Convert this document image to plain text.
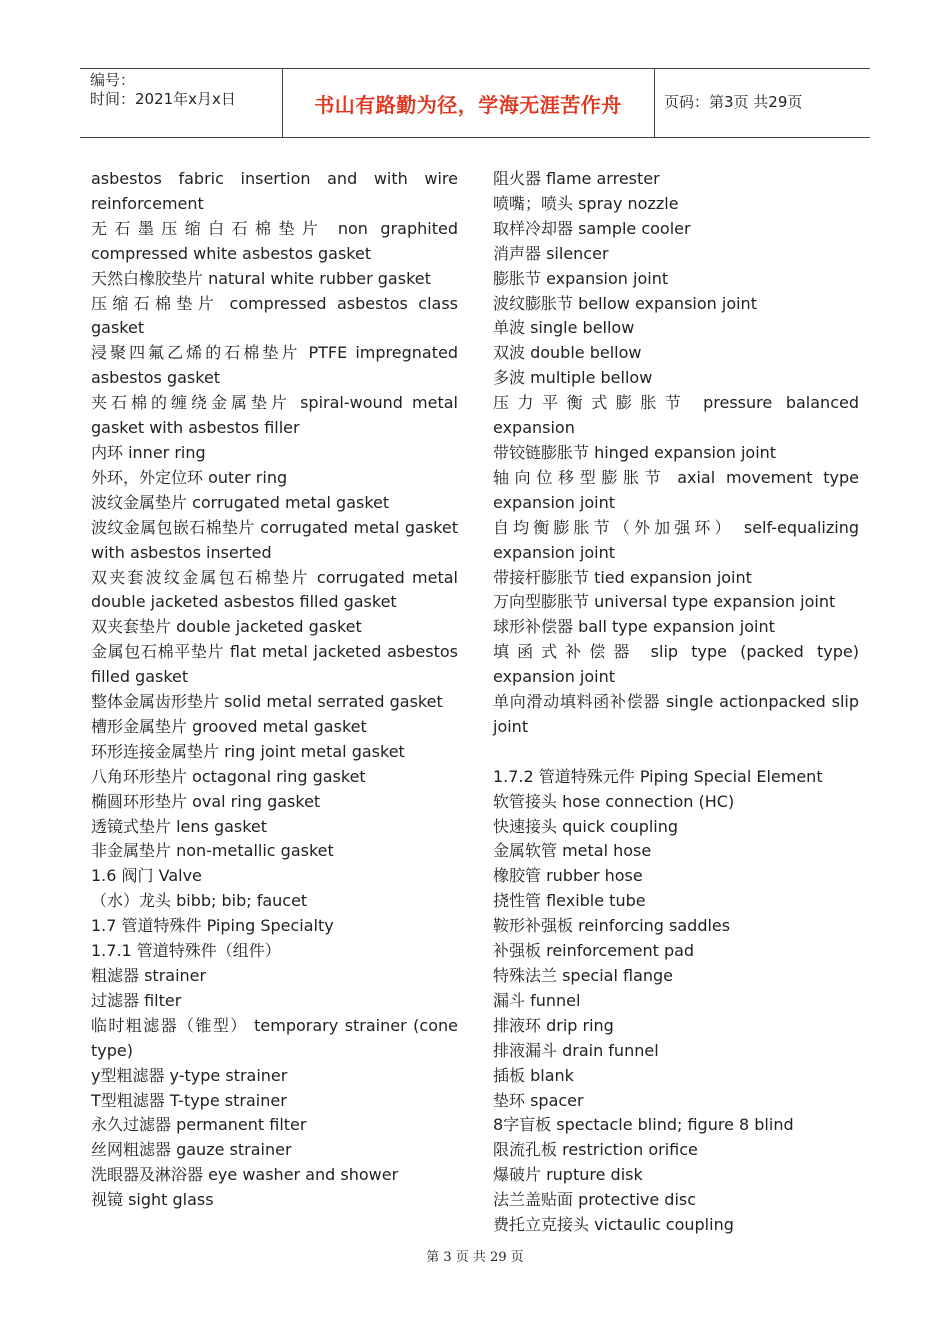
编号：
时间：2021年x月x日	书山有路勤为径，学海无涯苦作舟	页码：第3页 共29页
asbestos fabric insertion and with wire reinforcement
无石墨压缩白石棉垫片 non graphited compressed white asbestos gasket
天然白橡胶垫片 natural white rubber gasket
压缩石棉垫片 compressed asbestos class gasket
浸聚四氟乙烯的石棉垫片 PTFE impregnated asbestos gasket
夹石棉的缠绕金属垫片 spiral-wound metal gasket with asbestos filler
内环 inner ring
外环，外定位环 outer ring
波纹金属垫片 corrugated metal gasket
波纹金属包嵌石棉垫片 corrugated metal gasket with asbestos inserted
双夹套波纹金属包石棉垫片 corrugated metal double jacketed asbestos filled gasket
双夹套垫片 double jacketed gasket
金属包石棉平垫片 flat metal jacketed asbestos filled gasket
整体金属齿形垫片 solid metal serrated gasket
槽形金属垫片 grooved metal gasket
环形连接金属垫片 ring joint metal gasket
八角环形垫片 octagonal ring gasket
椭圆环形垫片 oval ring gasket
透镜式垫片 lens gasket
非金属垫片 non-metallic gasket
1.6 阀门 Valve
（水）龙头 bibb; bib; faucet
1.7 管道特殊件 Piping Specialty
1.7.1 管道特殊件（组件）
粗滤器 strainer
过滤器 filter
临时粗滤器（锥型） temporary strainer (cone type)
y型粗滤器 y-type strainer
T型粗滤器 T-type strainer
永久过滤器 permanent filter
丝网粗滤器 gauze strainer
洗眼器及淋浴器 eye washer and shower
视镜 sight glass
阻火器 flame arrester
喷嘴；喷头 spray nozzle
取样冷却器 sample cooler
消声器 silencer
膨胀节 expansion joint
波纹膨胀节 bellow expansion joint
单波 single bellow
双波 double bellow
多波 multiple bellow
压力平衡式膨胀节 pressure balanced expansion
带铰链膨胀节 hinged expansion joint
轴向位移型膨胀节 axial movement type expansion joint
自均衡膨胀节（外加强环） self-equalizing expansion joint
带接杆膨胀节 tied expansion joint
万向型膨胀节 universal type expansion joint
球形补偿器 ball type expansion joint
填函式补偿器 slip type (packed type) expansion joint
单向滑动填料函补偿器 single actionpacked slip joint
1.7.2 管道特殊元件 Piping Special Element
软管接头 hose connection (HC)
快速接头 quick coupling
金属软管 metal hose
橡胶管 rubber hose
挠性管 flexible tube
鞍形补强板 reinforcing saddles
补强板 reinforcement pad
特殊法兰 special flange
漏斗 funnel
排液环 drip ring
排液漏斗 drain funnel
插板 blank
垫环 spacer
8字盲板 spectacle blind; figure 8 blind
限流孔板 restriction orifice
爆破片 rupture disk
法兰盖贴面 protective disc
费托立克接头 victaulic coupling
第 3 页 共 29 页
